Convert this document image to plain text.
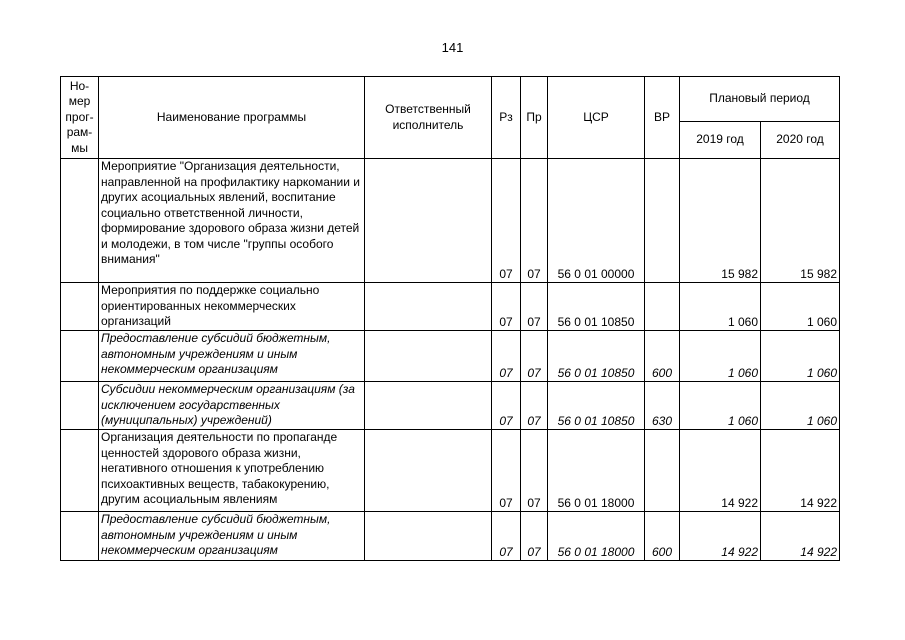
141
Но-мер прог-рам-мы	Наименование программы	Ответственный исполнитель	Рз	Пр	ЦСР	ВР	Плановый период	
							2019 год	2020 год
	Мероприятие "Организация деятельности, направленной на профилактику наркомании и других асоциальных явлений, воспитание социально ответственной личности, формирование здорового образа жизни детей и молодежи, в том числе "группы особого внимания"		07	07	56 0 01 00000		15 982	15 982
	Мероприятия по поддержке социально ориентированных некоммерческих организаций		07	07	56 0 01 10850		1 060	1 060
	Предоставление субсидий бюджетным, автономным учреждениям и иным некоммерческим организациям		07	07	56 0 01 10850	600	1 060	1 060
	Субсидии некоммерческим организациям (за исключением государственных (муниципальных) учреждений)		07	07	56 0 01 10850	630	1 060	1 060
	Организация деятельности по пропаганде ценностей здорового образа жизни, негативного отношения к употреблению психоактивных веществ, табакокурению, другим асоциальным явлениям		07	07	56 0 01 18000		14 922	14 922
	Предоставление субсидий бюджетным, автономным учреждениям и иным некоммерческим организациям		07	07	56 0 01 18000	600	14 922	14 922
